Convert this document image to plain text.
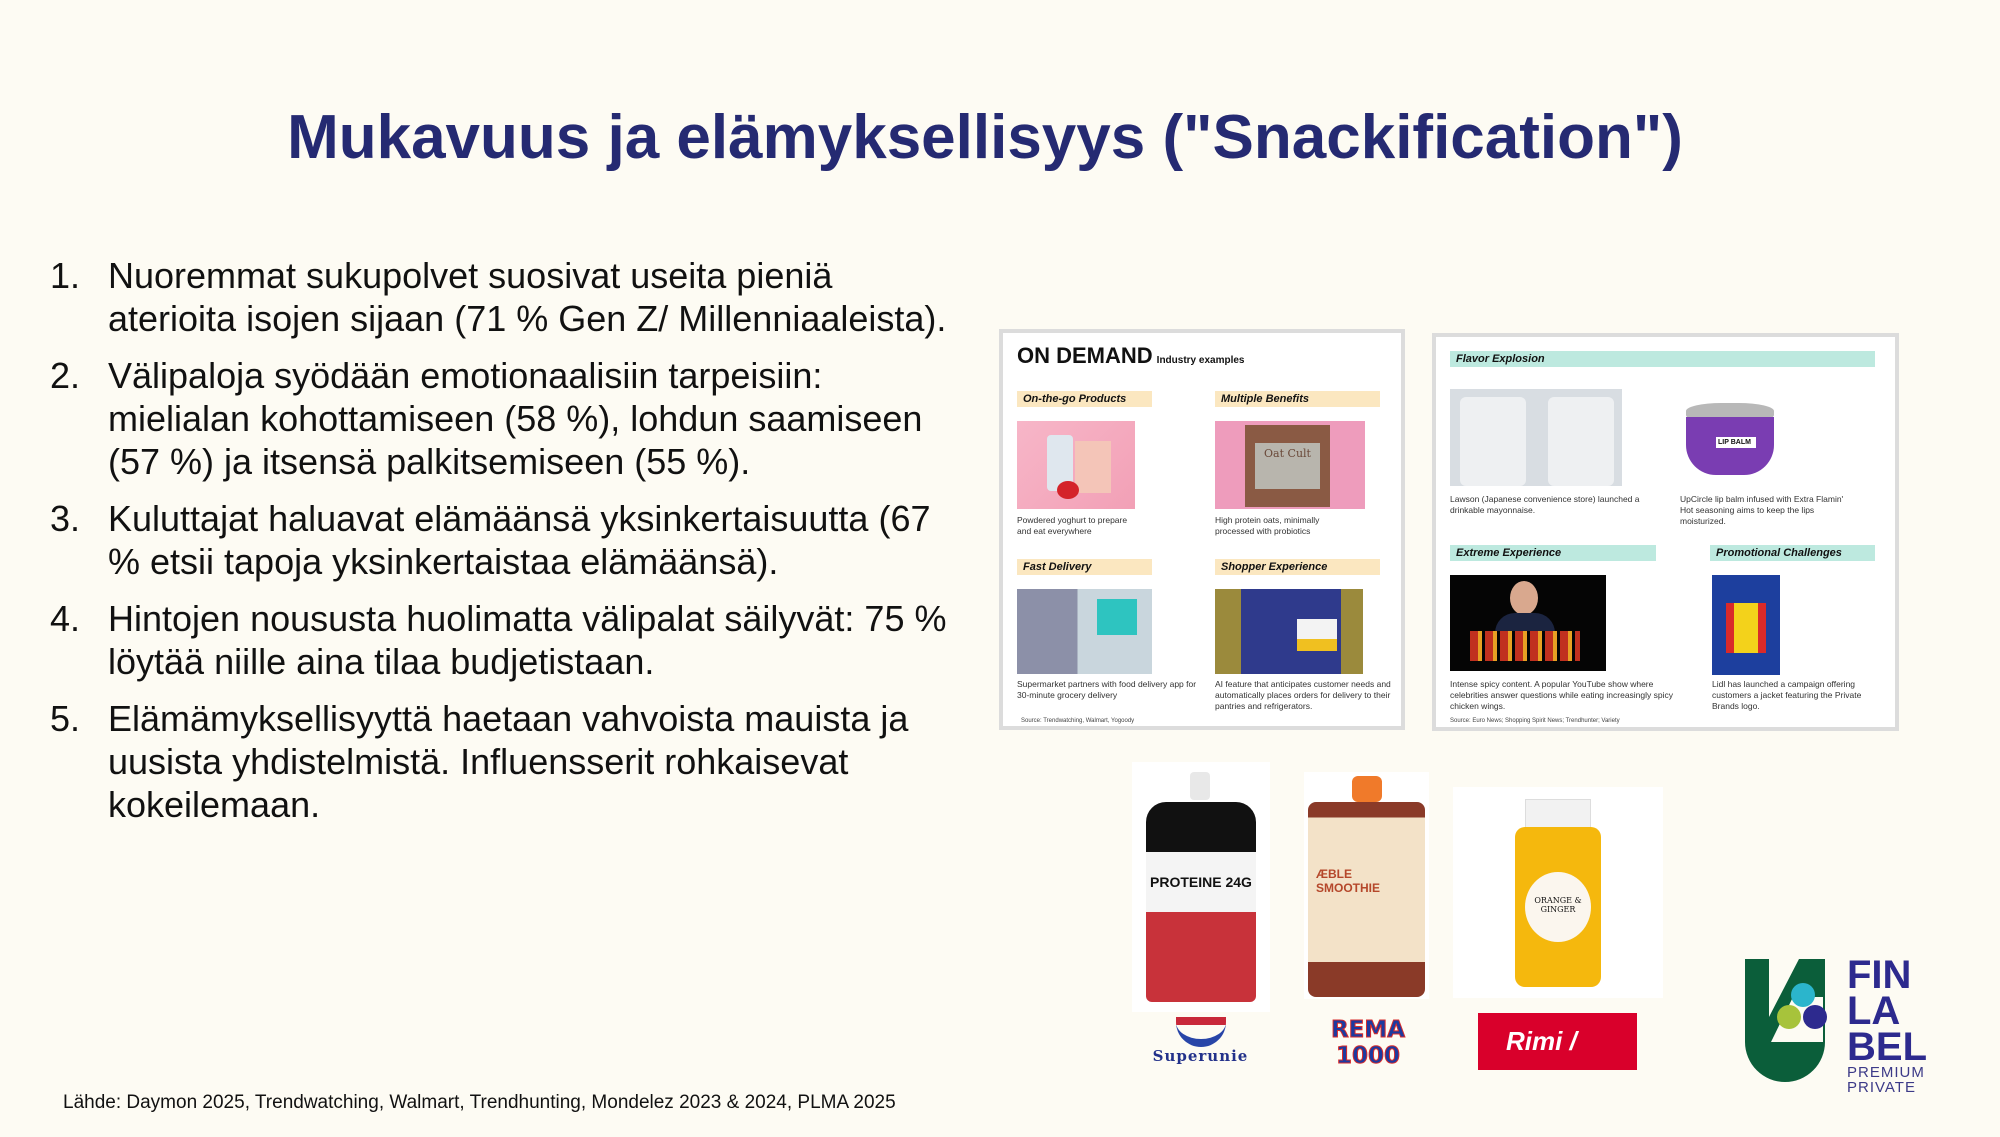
Mukavuus ja elämyksellisyys ("Snackification")
1. Nuoremmat sukupolvet suosivat useita pieniä aterioita isojen sijaan (71 % Gen Z/ Millenniaaleista).
2. Välipaloja syödään emotionaalisiin tarpeisiin: mielialan kohottamiseen (58 %), lohdun saamiseen (57 %) ja itsensä palkitsemiseen (55 %).
3. Kuluttajat haluavat elämäänsä yksinkertaisuutta (67 % etsii tapoja yksinkertaistaa elämäänsä).
4. Hintojen noususta huolimatta välipalat säilyvät: 75 % löytää niille aina tilaa budjetistaan.
5. Elämämyksellisyyttä haetaan vahvoista mauista ja uusista yhdistelmistä. Influensserit rohkaisevat kokeilemaan.
Lähde: Daymon 2025, Trendwatching, Walmart, Trendhunting, Mondelez 2023 & 2024, PLMA 2025
ON DEMAND Industry examples
On-the-go Products	Multiple Benefits
Oat Cult
Powdered yoghurt to prepare and eat everywhere
High protein oats, minimally processed with probiotics
Fast Delivery	Shopper Experience
Supermarket partners with food delivery app for 30-minute grocery delivery
AI feature that anticipates customer needs and automatically places orders for delivery to their pantries and refrigerators.
Source: Trendwatching, Walmart, Yogoody
Flavor Explosion
LIP BALM
Lawson (Japanese convenience store) launched a drinkable mayonnaise.
UpCircle lip balm infused with Extra Flamin' Hot seasoning aims to keep the lips moisturized.
Extreme Experience	Promotional Challenges
Intense spicy content. A popular YouTube show where celebrities answer questions while eating increasingly spicy chicken wings.
Lidl has launched a campaign offering customers a jacket featuring the Private Brands logo.
Source: Euro News; Shopping Spirit News; Trendhunter; Variety
PROTEINE 24G
Superunie
ÆBLE SMOOTHIE
REMA 1000
ORANGE & GINGER
Rimi /
FIN
LA
BEL
PREMIUM
PRIVATE
